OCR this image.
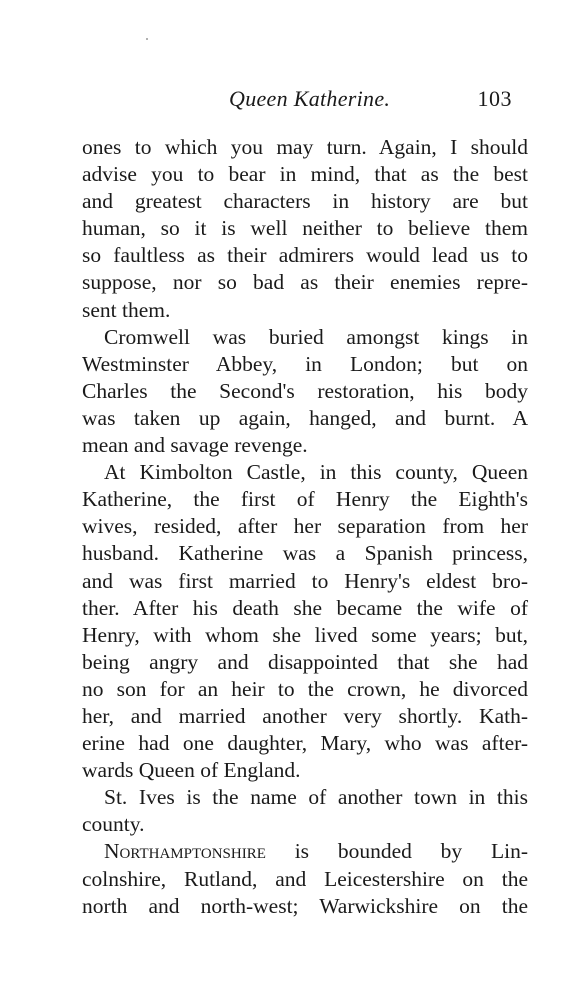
Queen Katherine.	103
ones to which you may turn. Again, I should
advise you to bear in mind, that as the best
and greatest characters in history are but
human, so it is well neither to believe them
so faultless as their admirers would lead us to
suppose, nor so bad as their enemies repre-
sent them.
Cromwell was buried amongst kings in
Westminster Abbey, in London; but on
Charles the Second's restoration, his body
was taken up again, hanged, and burnt. A
mean and savage revenge.
At Kimbolton Castle, in this county, Queen
Katherine, the first of Henry the Eighth's
wives, resided, after her separation from her
husband. Katherine was a Spanish princess,
and was first married to Henry's eldest bro-
ther. After his death she became the wife of
Henry, with whom she lived some years; but,
being angry and disappointed that she had
no son for an heir to the crown, he divorced
her, and married another very shortly. Kath-
erine had one daughter, Mary, who was after-
wards Queen of England.
St. Ives is the name of another town in this
county.
Northamptonshire is bounded by Lin-
colnshire, Rutland, and Leicestershire on the
north and north-west; Warwickshire on the
